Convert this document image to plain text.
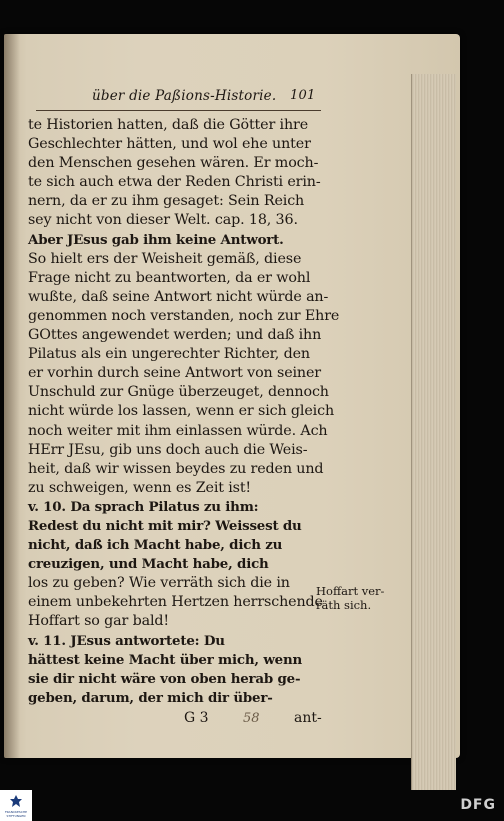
über die Paßions-Historie. 101
te Historien hatten, daß die Götter ihre
Geschlechter hätten, und wol ehe unter
den Menschen gesehen wären. Er moch-
te sich auch etwa der Reden Christi erin-
nern, da er zu ihm gesaget: Sein Reich
sey nicht von dieser Welt. cap. 18, 36.
Aber JEsus gab ihm keine Antwort.
So hielt ers der Weisheit gemäß, diese
Frage nicht zu beantworten, da er wohl
wußte, daß seine Antwort nicht würde an-
genommen noch verstanden, noch zur Ehre
GOttes angewendet werden; und daß ihn
Pilatus als ein ungerechter Richter, den
er vorhin durch seine Antwort von seiner
Unschuld zur Gnüge überzeuget, dennoch
nicht würde los lassen, wenn er sich gleich
noch weiter mit ihm einlassen würde. Ach
HErr JEsu, gib uns doch auch die Weis-
heit, daß wir wissen beydes zu reden und
zu schweigen, wenn es Zeit ist!
v. 10. Da sprach Pilatus zu ihm:
Redest du nicht mit mir? Weissest du
nicht, daß ich Macht habe, dich zu
creuzigen, und Macht habe, dich
los zu geben? Wie verräth sich die in
einem unbekehrten Hertzen herrschende
Hoffart so gar bald!
v. 11. JEsus antwortete: Du
hättest keine Macht über mich, wenn
sie dir nicht wäre von oben herab ge-
geben, darum, der mich dir über-
Hoffart ver-
räth sich.
G 3	58 ant-
FRANCKESCHE STIFTUNGEN
DFG
